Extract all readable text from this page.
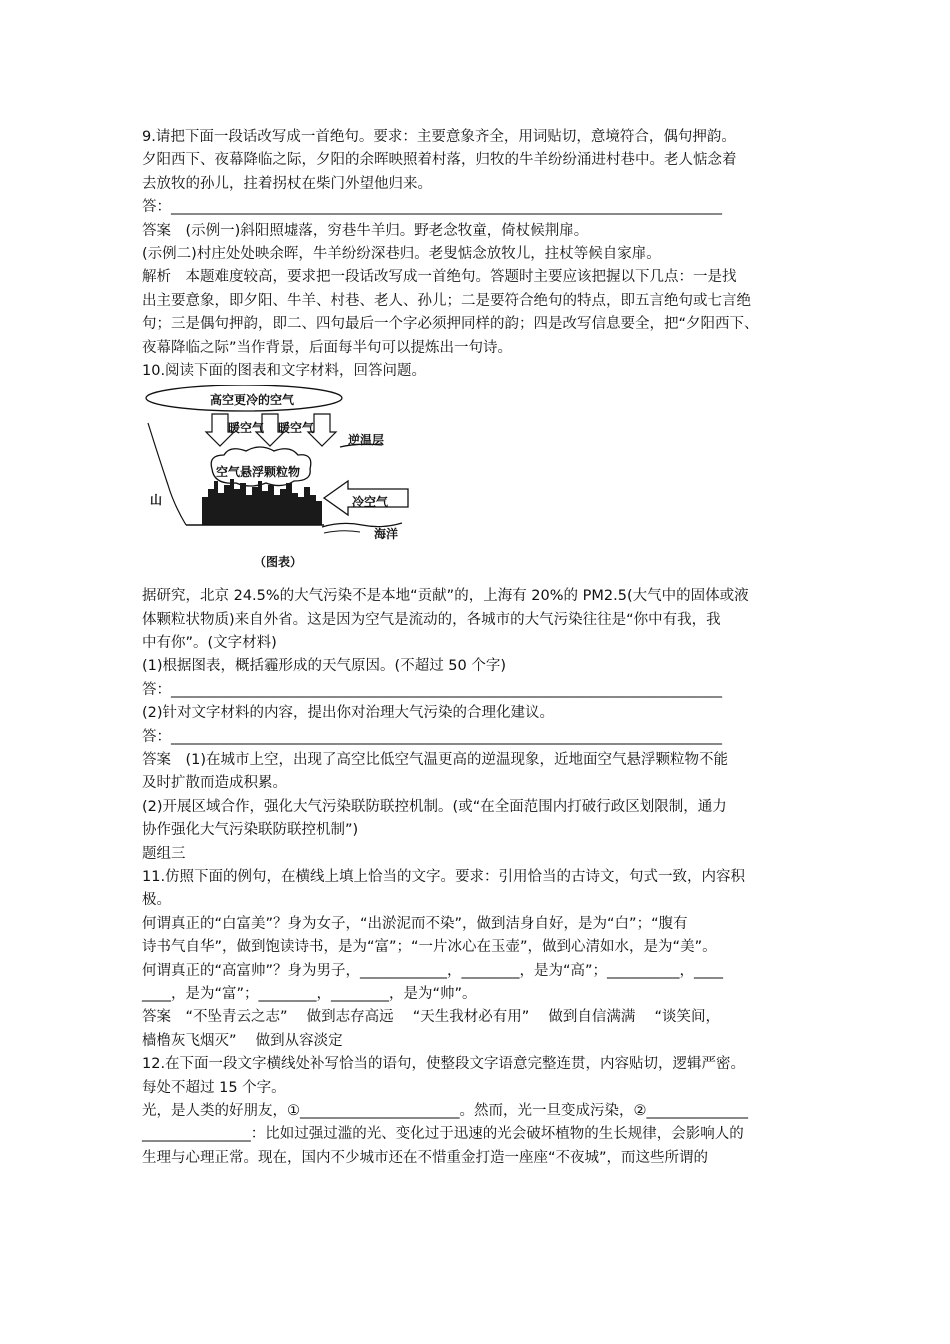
9.请把下面一段话改写成一首绝句。要求：主要意象齐全，用词贴切，意境符合，偶句押韵。
夕阳西下、夜幕降临之际，夕阳的余晖映照着村落，归牧的牛羊纷纷涌进村巷中。老人惦念着
去放牧的孙儿，拄着拐杖在柴门外望他归来。
答：____________________________________________________________________________
答案　(示例一)斜阳照墟落，穷巷牛羊归。野老念牧童，倚杖候荆扉。
(示例二)村庄处处映余晖，牛羊纷纷深巷归。老叟惦念放牧儿，拄杖等候自家扉。
解析　本题难度较高，要求把一段话改写成一首绝句。答题时主要应该把握以下几点：一是找
出主要意象，即夕阳、牛羊、村巷、老人、孙儿；二是要符合绝句的特点，即五言绝句或七言绝
句；三是偶句押韵，即二、四句最后一个字必须押同样的韵；四是改写信息要全，把“夕阳西下、
夜幕降临之际”当作背景，后面每半句可以提炼出一句诗。
10.阅读下面的图表和文字材料，回答问题。
高空更冷的空气
暖空气 暖空气
逆温层
空气悬浮颗粒物
山	冷空气
海洋
（图表）
据研究，北京 24.5%的大气污染不是本地“贡献”的，上海有 20%的 PM2.5(大气中的固体或液
体颗粒状物质)来自外省。这是因为空气是流动的，各城市的大气污染往往是“你中有我，我
中有你”。(文字材料)
(1)根据图表，概括霾形成的天气原因。(不超过 50 个字)
答：____________________________________________________________________________
(2)针对文字材料的内容，提出你对治理大气污染的合理化建议。
答：____________________________________________________________________________
答案　(1)在城市上空，出现了高空比低空气温更高的逆温现象，近地面空气悬浮颗粒物不能
及时扩散而造成积累。
(2)开展区域合作，强化大气污染联防联控机制。(或“在全面范围内打破行政区划限制，通力
协作强化大气污染联防联控机制”)
题组三
11.仿照下面的例句，在横线上填上恰当的文字。要求：引用恰当的古诗文，句式一致，内容积
极。
何谓真正的“白富美”？身为女子，“出淤泥而不染”，做到洁身自好，是为“白”；“腹有
诗书气自华”，做到饱读诗书，是为“富”；“一片冰心在玉壶”，做到心清如水，是为“美”。
何谓真正的“高富帅”？身为男子，____________，________，是为“高”；__________，____
____，是为“富”；________，________，是为“帅”。
答案　“不坠青云之志”　 做到志存高远　 “天生我材必有用”　 做到自信满满　 “谈笑间，
樯橹灰飞烟灭”　 做到从容淡定
12.在下面一段文字横线处补写恰当的语句，使整段文字语意完整连贯，内容贴切，逻辑严密。
每处不超过 15 个字。
光，是人类的好朋友，①______________________。然而，光一旦变成污染，②______________
_______________：比如过强过滥的光、变化过于迅速的光会破坏植物的生长规律，会影响人的
生理与心理正常。现在，国内不少城市还在不惜重金打造一座座“不夜城”，而这些所谓的
